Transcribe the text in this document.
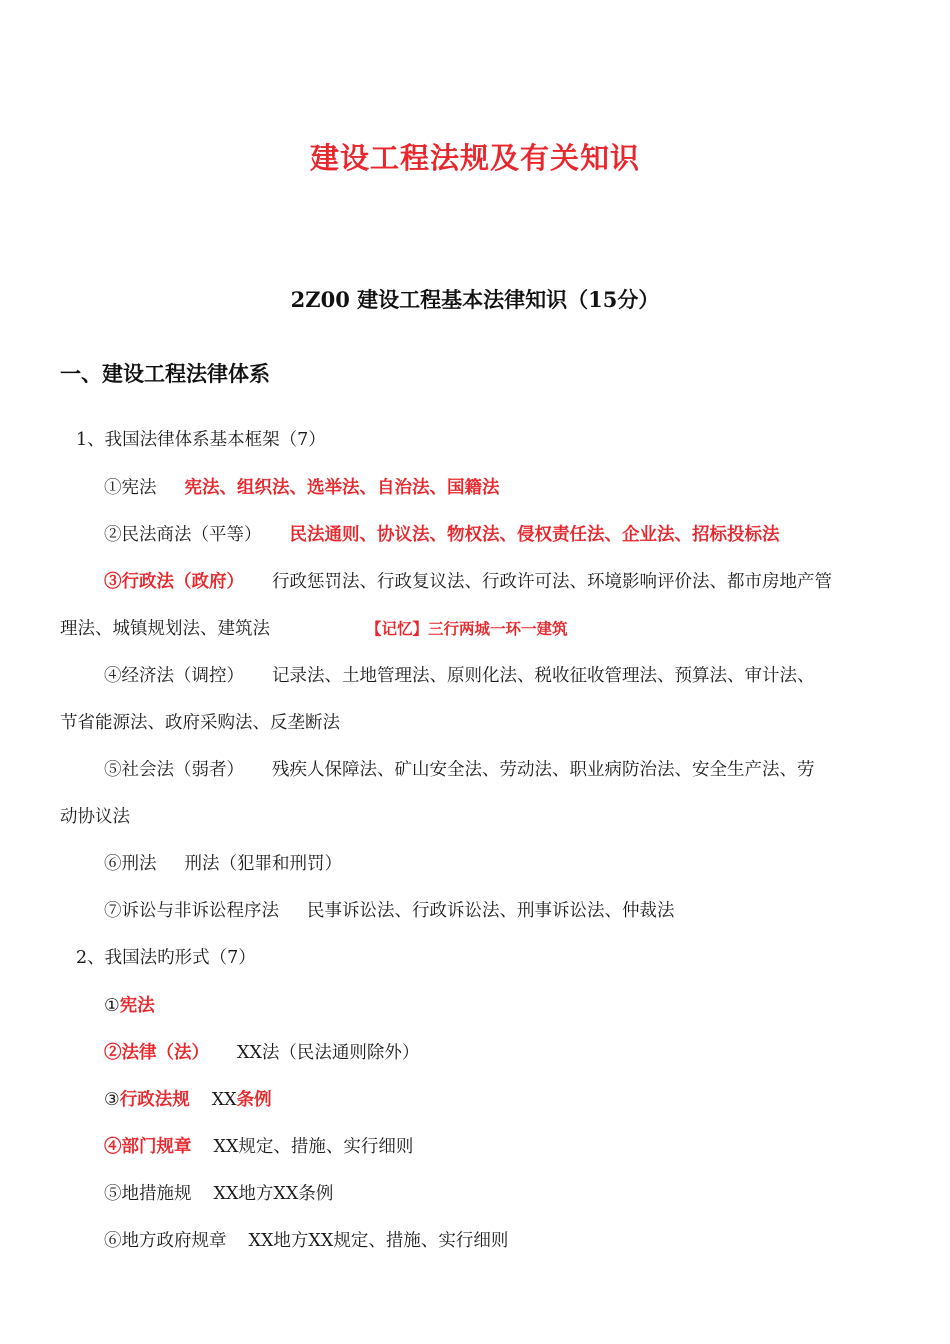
建设工程法规及有关知识
2Z00 建设工程基本法律知识（15分）
一、建设工程法律体系
1、我国法律体系基本框架（7）
①宪法 宪法、组织法、选举法、自治法、国籍法
②民法商法（平等） 民法通则、协议法、物权法、侵权责任法、企业法、招标投标法
③行政法（政府） 行政惩罚法、行政复议法、行政许可法、环境影响评价法、都市房地产管
理法、城镇规划法、建筑法	【记忆】三行两城一环一建筑
④经济法（调控） 记录法、土地管理法、原则化法、税收征收管理法、预算法、审计法、
节省能源法、政府采购法、反垄断法
⑤社会法（弱者） 残疾人保障法、矿山安全法、劳动法、职业病防治法、安全生产法、劳
动协议法
⑥刑法 刑法（犯罪和刑罚）
⑦诉讼与非诉讼程序法 民事诉讼法、行政诉讼法、刑事诉讼法、仲裁法
2、我国法旳形式（7）
①宪法
②法律（法） XX法（民法通则除外）
③行政法规 XX条例
④部门规章 XX规定、措施、实行细则
⑤地措施规 XX地方XX条例
⑥地方政府规章 XX地方XX规定、措施、实行细则
